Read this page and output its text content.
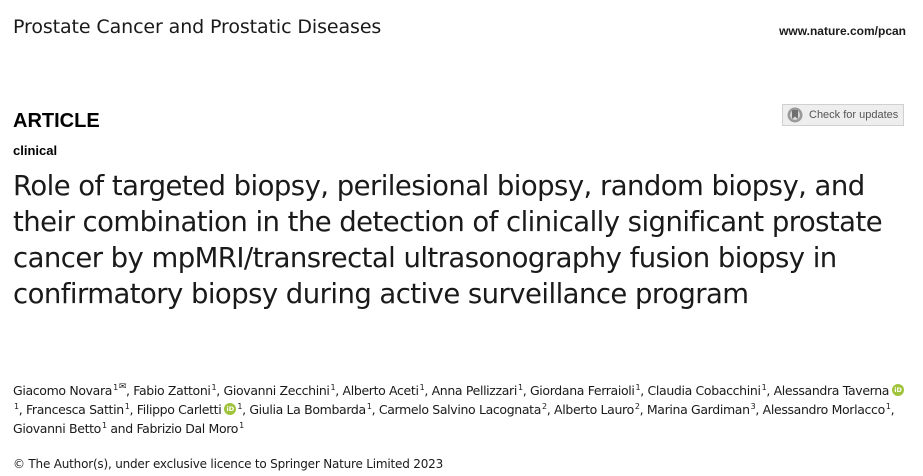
Prostate Cancer and Prostatic Diseases	www.nature.com/pcan
Check for updates
ARTICLE
clinical
Role of targeted biopsy, perilesional biopsy, random biopsy, and their combination in the detection of clinically significant prostate cancer by mpMRI/transrectal ultrasonography fusion biopsy in confirmatory biopsy during active surveillance program
Giacomo Novara$^1$✉, Fabio Zattoni$^1$, Giovanni Zecchini$^1$, Alberto Aceti$^1$, Anna Pellizzari$^1$, Giordana Ferraioli$^1$, Claudia Cobacchini$^1$, Alessandra TavernaiD$^1$, Francesca Sattin$^1$, Filippo CarlettiiD $^1$, Giulia La Bombarda$^1$, Carmelo Salvino Lacognata$^2$, Alberto Lauro$^2$, Marina Gardiman$^3$, Alessandro Morlacco$^1$, Giovanni Betto$^1$ and Fabrizio Dal Moro$^1$
© The Author(s), under exclusive licence to Springer Nature Limited 2023
